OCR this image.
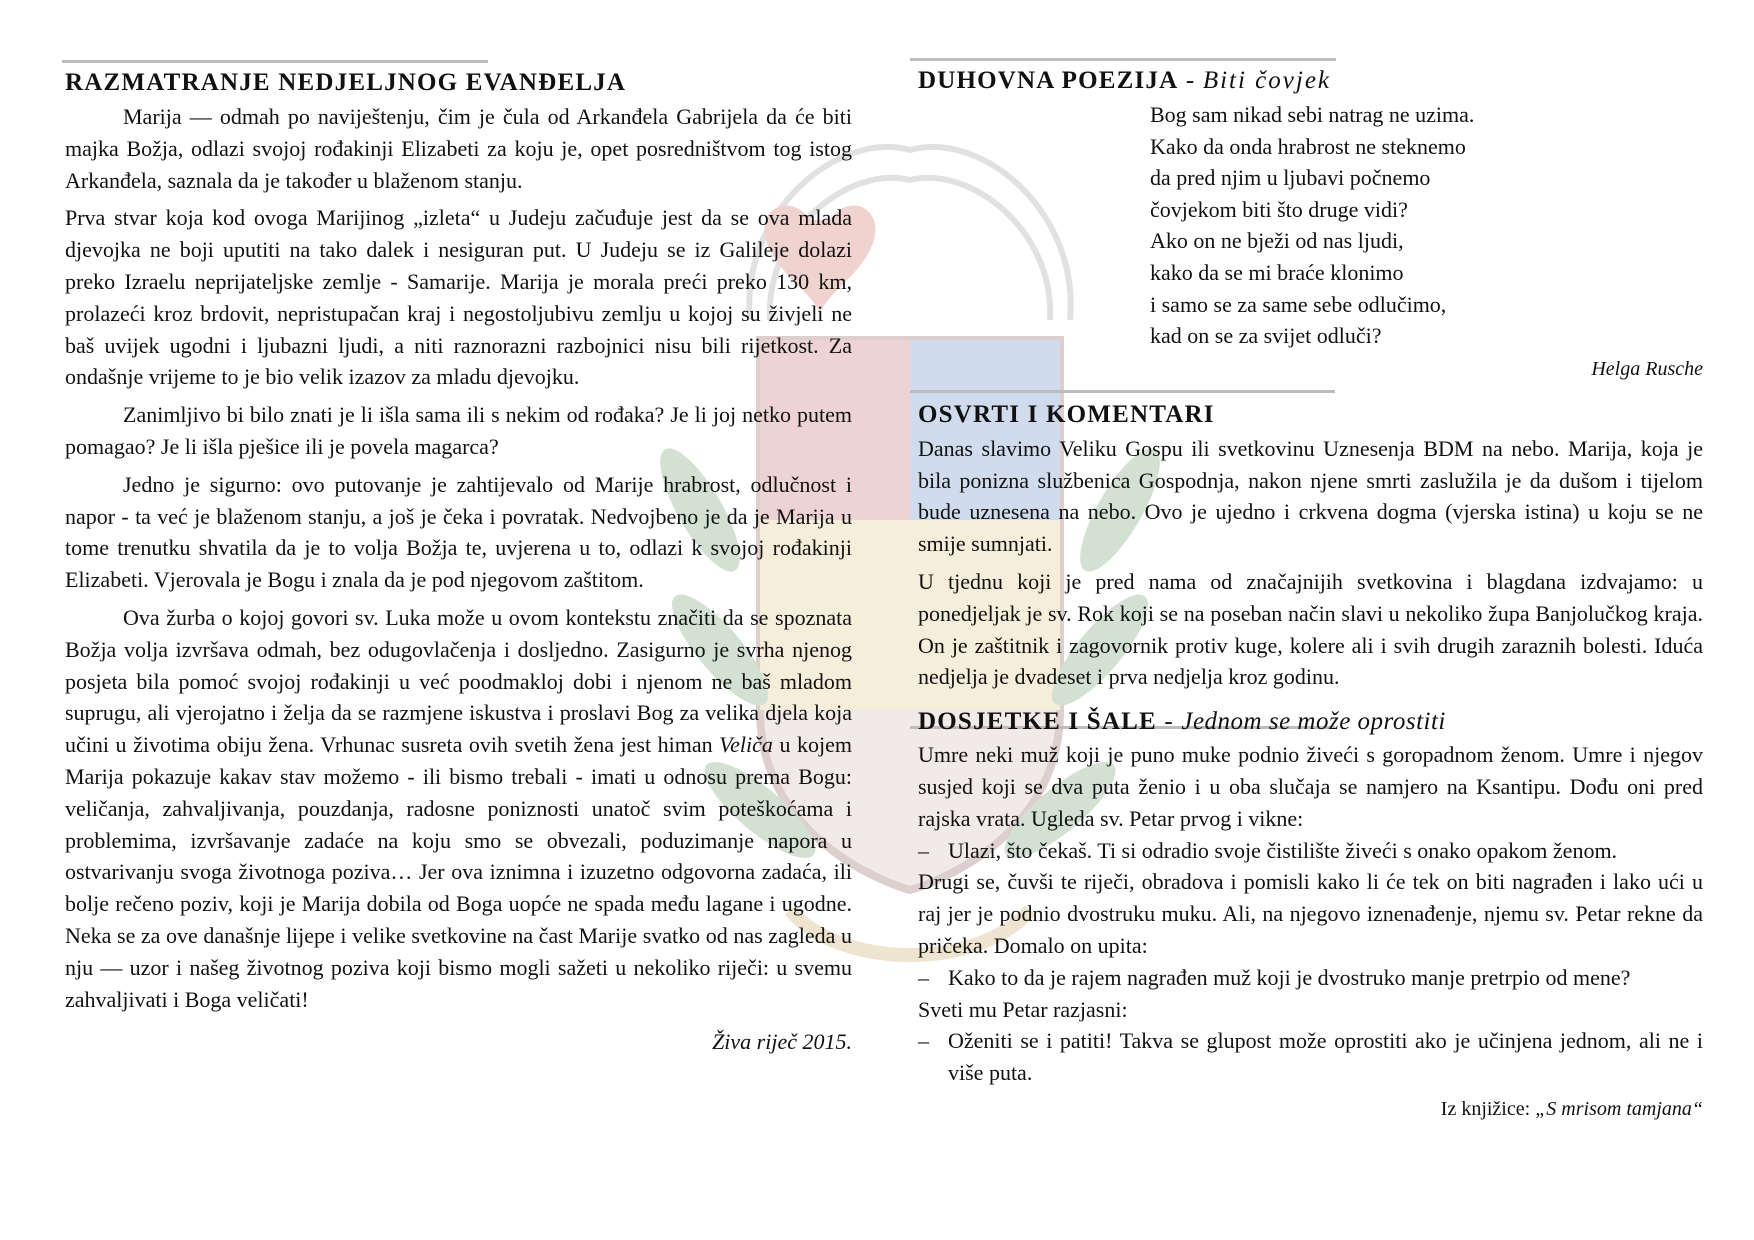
RAZMATRANJE NEDJELJNOG EVANĐELJA

Marija — odmah po naviještenju, čim je čula od Arkanđela Gabrijela da će biti majka Božja, odlazi svojoj rođakinji Elizabeti za koju je, opet posredništvom tog istog Arkanđela, saznala da je također u blaženom stanju.

Prva stvar koja kod ovoga Marijinog „izleta“ u Judeju začuđuje jest da se ova mlada djevojka ne boji uputiti na tako dalek i nesiguran put. U Judeju se iz Galileje dolazi preko Izraelu neprijateljske zemlje - Samarije. Marija je morala preći preko 130 km, prolazeći kroz brdovit, nepristupačan kraj i negostoljubivu zemlju u kojoj su živjeli ne baš uvijek ugodni i ljubazni ljudi, a niti raznorazni razbojnici nisu bili rijetkost. Za ondašnje vrijeme to je bio velik izazov za mladu djevojku.

Zanimljivo bi bilo znati je li išla sama ili s nekim od rođaka? Je li joj netko putem pomagao? Je li išla pješice ili je povela magarca?

Jedno je sigurno: ovo putovanje je zahtijevalo od Marije hrabrost, odlučnost i napor - ta već je blaženom stanju, a još je čeka i povratak. Nedvojbeno je da je Marija u tome trenutku shvatila da je to volja Božja te, uvjerena u to, odlazi k svojoj rođakinji Elizabeti. Vjerovala je Bogu i znala da je pod njegovom zaštitom.

Ova žurba o kojoj govori sv. Luka može u ovom kontekstu značiti da se spoznata Božja volja izvršava odmah, bez odugovlačenja i dosljedno. Zasigurno je svrha njenog posjeta bila pomoć svojoj rođakinji u već poodmakloj dobi i njenom ne baš mladom suprugu, ali vjerojatno i želja da se razmjene iskustva i proslavi Bog za velika djela koja učini u životima obiju žena. Vrhunac susreta ovih svetih žena jest himan Veliča u kojem Marija pokazuje kakav stav možemo - ili bismo trebali - imati u odnosu prema Bogu: veličanja, zahvaljivanja, pouzdanja, radosne poniznosti unatoč svim poteškoćama i problemima, izvršavanje zadaće na koju smo se obvezali, poduzimanje napora u ostvarivanju svoga životnoga poziva… Jer ova iznimna i izuzetno odgovorna zadaća, ili bolje rečeno poziv, koji je Marija dobila od Boga uopće ne spada među lagane i ugodne. Neka se za ove današnje lijepe i velike svetkovine na čast Marije svatko od nas zagleda u nju — uzor i našeg životnog poziva koji bismo mogli sažeti u nekoliko riječi: u svemu zahvaljivati i Boga veličati!

Živa riječ 2015.
DUHOVNA POEZIJA - Biti čovjek
Bog sam nikad sebi natrag ne uzima.
Kako da onda hrabrost ne steknemo
da pred njim u ljubavi počnemo
čovjekom biti što druge vidi?
Ako on ne bježi od nas ljudi,
kako da se mi braće klonimo
i samo se za same sebe odlučimo,
kad on se za svijet odluči?
Helga Rusche
OSVRTI I KOMENTARI

Danas slavimo Veliku Gospu ili svetkovinu Uznesenja BDM na nebo. Marija, koja je bila ponizna službenica Gospodnja, nakon njene smrti zaslužila je da dušom i tijelom bude uznesena na nebo. Ovo je ujedno i crkvena dogma (vjerska istina) u koju se ne smije sumnjati.

U tjednu koji je pred nama od značajnijih svetkovina i blagdana izdvajamo: u ponedjeljak je sv. Rok koji se na poseban način slavi u nekoliko župa Banjolučkog kraja. On je zaštitnik i zagovornik protiv kuge, kolere ali i svih drugih zaraznih bolesti. Iduća nedjelja je dvadeset i prva nedjelja kroz godinu.

DOSJETKE I ŠALE - Jednom se može oprostiti

Umre neki muž koji je puno muke podnio živeći s goropadnom ženom. Umre i njegov susjed koji se dva puta ženio i u oba slučaja se namjero na Ksantipu. Dođu oni pred rajska vrata. Ugleda sv. Petar prvog i vikne:

– Ulazi, što čekaš. Ti si odradio svoje čistilište živeći s onako opakom ženom.

Drugi se, čuvši te riječi, obradova i pomisli kako li će tek on biti nagrađen i lako ući u raj jer je podnio dvostruku muku. Ali, na njegovo iznenađenje, njemu sv. Petar rekne da pričeka. Domalo on upita:

– Kako to da je rajem nagrađen muž koji je dvostruko manje pretrpio od mene?

Sveti mu Petar razjasni:

– Oženiti se i patiti! Takva se glupost može oprostiti ako je učinjena jednom, ali ne i više puta.
Iz knjižice: „S mrisom tamjana“
